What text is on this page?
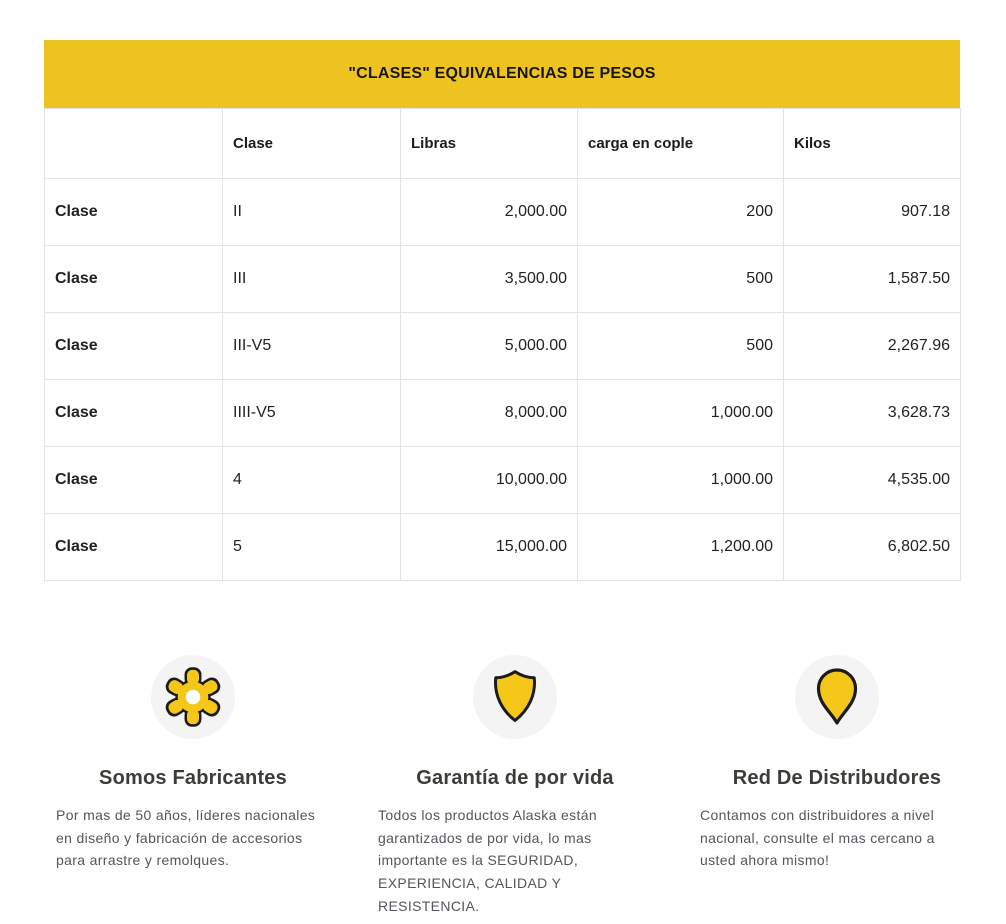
"CLASES" EQUIVALENCIAS DE PESOS
	Clase	Libras	carga en cople	Kilos
Clase	II	2,000.00	200	907.18
Clase	III	3,500.00	500	1,587.50
Clase	III-V5	5,000.00	500	2,267.96
Clase	IIII-V5	8,000.00	1,000.00	3,628.73
Clase	4	10,000.00	1,000.00	4,535.00
Clase	5	15,000.00	1,200.00	6,802.50
Somos Fabricantes

Por mas de 50 años, líderes nacionales en diseño y fabricación de accesorios para arrastre y remolques.

Garantía de por vida

Todos los productos Alaska están garantizados de por vida, lo mas importante es la SEGURIDAD, EXPERIENCIA, CALIDAD Y RESISTENCIA.

Red De Distribudores

Contamos con distribuidores a nivel nacional, consulte el mas cercano a usted ahora mismo!
